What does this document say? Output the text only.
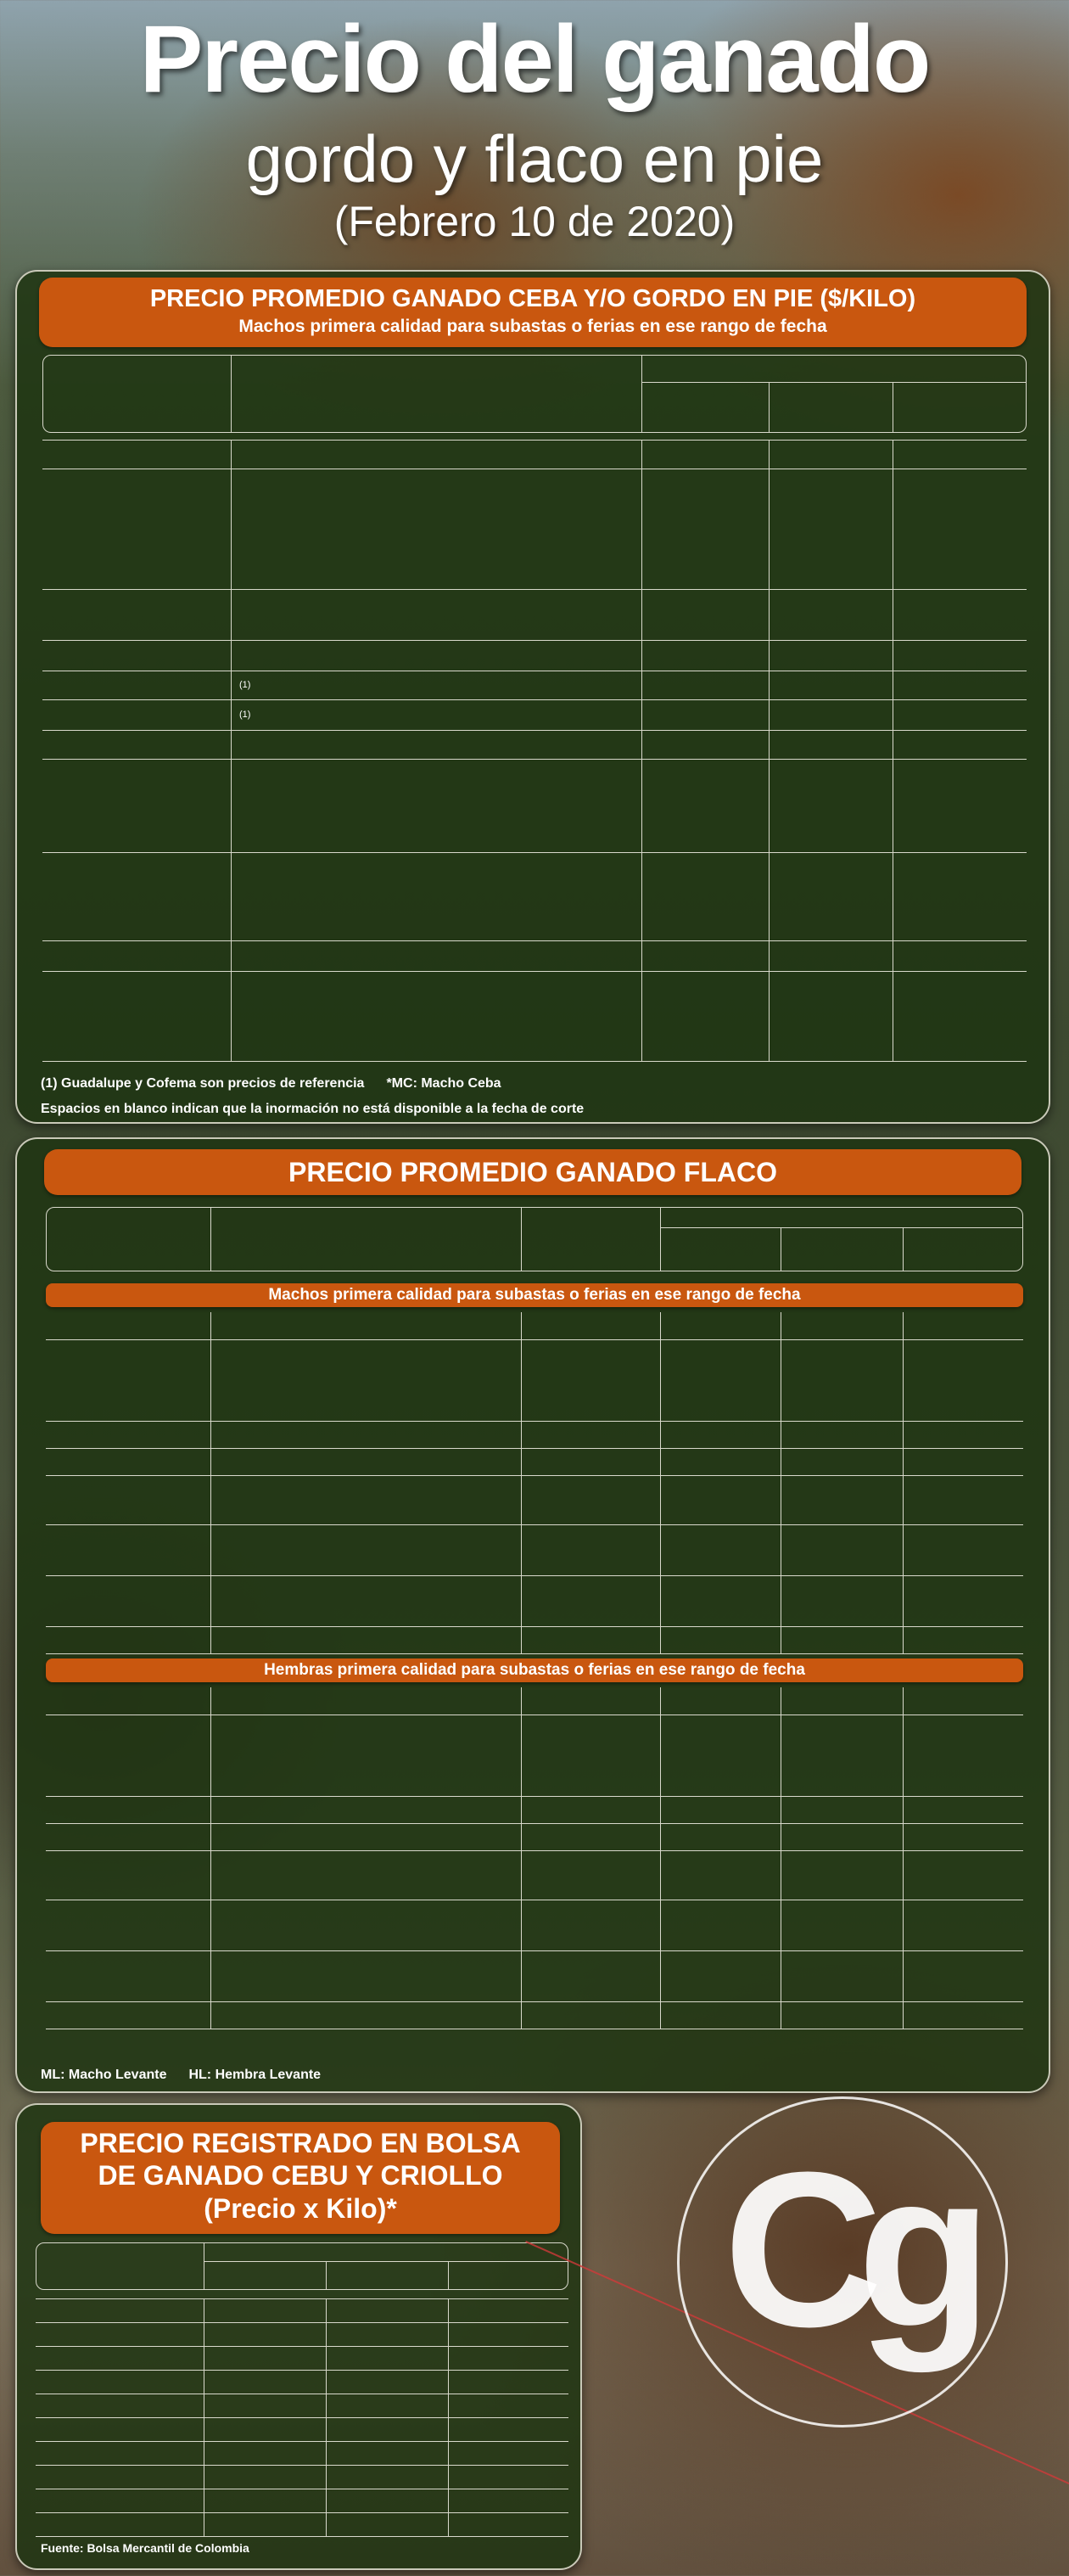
Precio del ganado
gordo y flaco en pie
(Febrero 10 de 2020)
PRECIO PROMEDIO GANADO CEBA Y/O GORDO EN PIE ($/KILO)
Machos primera calidad para subastas o ferias en ese rango de fecha
$^{(1)}$
$^{(1)}$
(1) Guadalupe y Cofema son precios de referencia *MC: Macho Ceba
Espacios en blanco indican que la inormación no está disponible a la fecha de corte
PRECIO PROMEDIO GANADO FLACO
Machos primera calidad para subastas o ferias en ese rango de fecha
Hembras primera calidad para subastas o ferias en ese rango de fecha
ML: Macho Levante HL: Hembra Levante
PRECIO REGISTRADO EN BOLSA
DE GANADO CEBU Y CRIOLLO
(Precio x Kilo)*
Fuente: Bolsa Mercantil de Colombia
Cg
